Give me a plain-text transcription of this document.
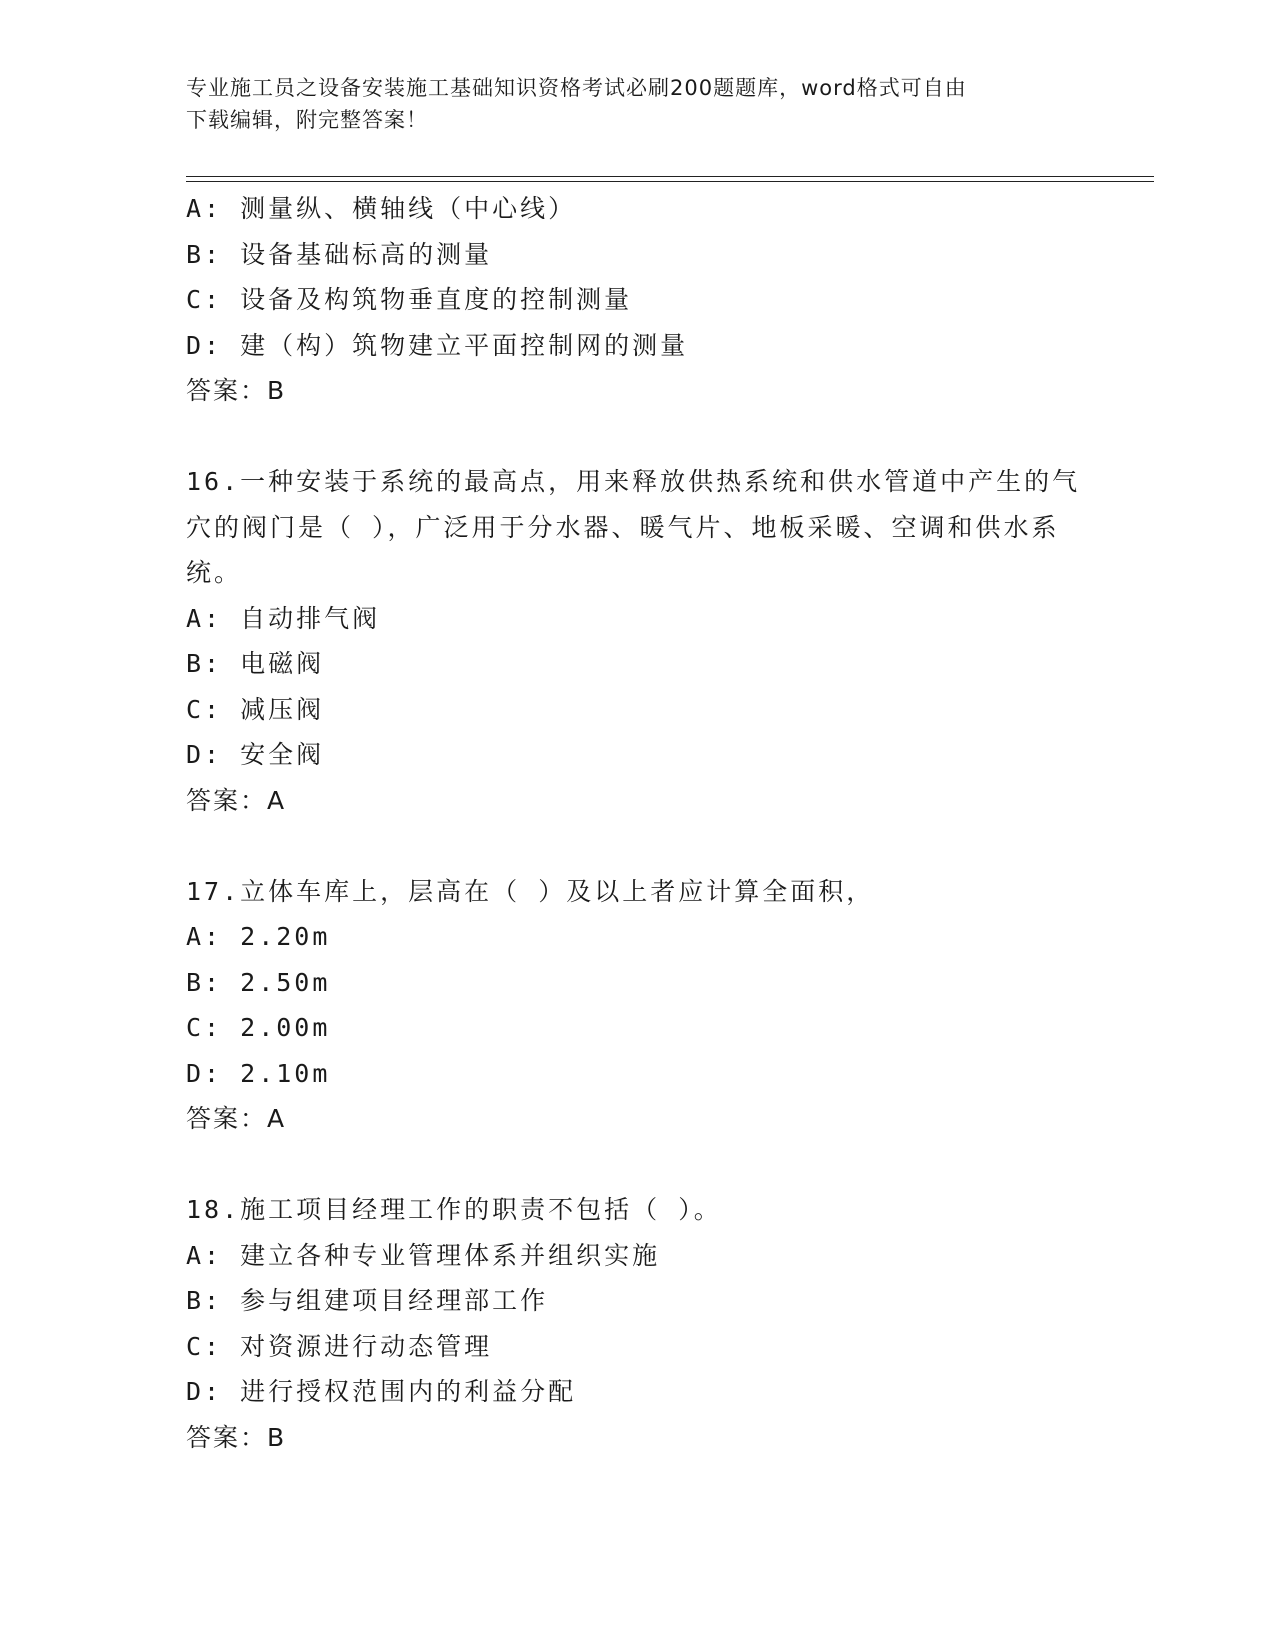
专业施工员之设备安装施工基础知识资格考试必刷200题题库，word格式可自由
下载编辑，附完整答案！
A: 测量纵、横轴线（中心线）
B: 设备基础标高的测量
C: 设备及构筑物垂直度的控制测量
D: 建（构）筑物建立平面控制网的测量
答案：B
16.一种安装于系统的最高点，用来释放供热系统和供水管道中产生的气穴的阀门是（ ），广泛用于分水器、暖气片、地板采暖、空调和供水系统。
A: 自动排气阀
B: 电磁阀
C: 减压阀
D: 安全阀
答案：A
17.立体车库上，层高在（ ）及以上者应计算全面积，
A: 2.20m
B: 2.50m
C: 2.00m
D: 2.10m
答案：A
18.施工项目经理工作的职责不包括（ ）。
A: 建立各种专业管理体系并组织实施
B: 参与组建项目经理部工作
C: 对资源进行动态管理
D: 进行授权范围内的利益分配
答案：B
